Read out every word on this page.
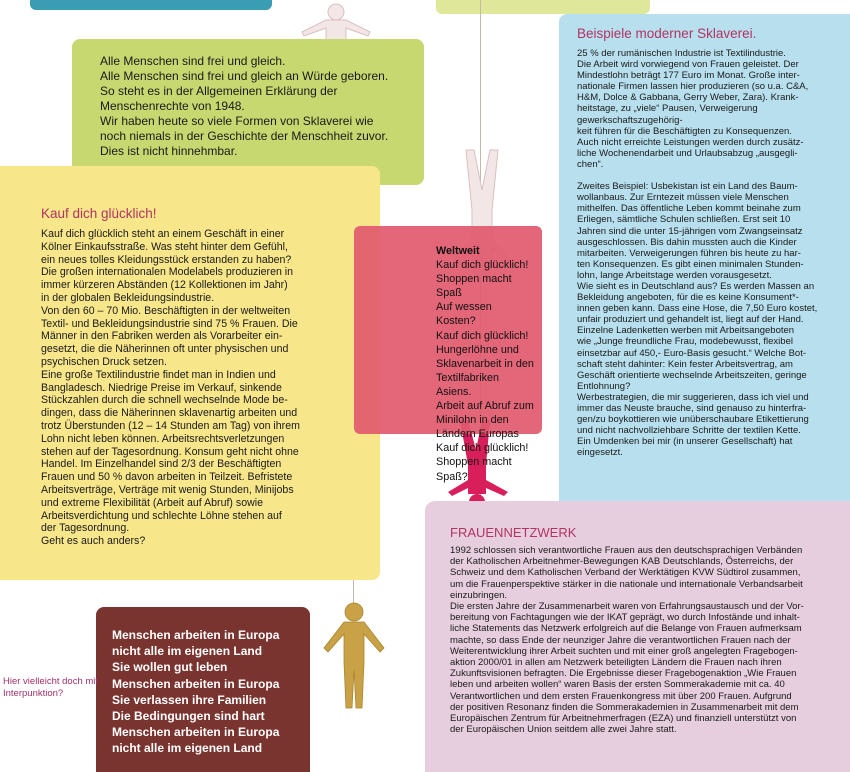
Alle Menschen sind frei und gleich.

Alle Menschen sind frei und gleich an Würde geboren.

So steht es in der Allgemeinen Erklärung der

Menschenrechte von 1948.

Wir haben heute so viele Formen von Sklaverei wie

noch niemals in der Geschichte der Menschheit zuvor.

Dies ist nicht hinnehmbar.

Kauf dich glücklich!
Kauf dich glücklich steht an einem Geschäft in einer
Kölner Einkaufsstraße. Was steht hinter dem Gefühl,
ein neues tolles Kleidungsstück erstanden zu haben?
Die großen internationalen Modelabels produzieren in
immer kürzeren Abständen (12 Kollektionen im Jahr)
in der globalen Bekleidungsindustrie.
Von den 60 – 70 Mio. Beschäftigten in der weltweiten
Textil- und Bekleidungsindustrie sind 75 % Frauen. Die
Männer in den Fabriken werden als Vorarbeiter ein-
gesetzt, die die Näherinnen oft unter physischen und
psychischen Druck setzen.
Eine große Textilindustrie findet man in Indien und
Bangladesch. Niedrige Preise im Verkauf, sinkende
Stückzahlen durch die schnell wechselnde Mode be-
dingen, dass die Näherinnen sklavenartig arbeiten und
trotz Überstunden (12 – 14 Stunden am Tag) von ihrem
Lohn nicht leben können. Arbeitsrechtsverletzungen
stehen auf der Tagesordnung. Konsum geht nicht ohne
Handel. Im Einzelhandel sind 2/3 der Beschäftigten
Frauen und 50 % davon arbeiten in Teilzeit. Befristete
Arbeitsverträge, Verträge mit wenig Stunden, Minijobs
und extreme Flexibilität (Arbeit auf Abruf) sowie
Arbeitsverdichtung und schlechte Löhne stehen auf
der Tagesordnung.
Geht es auch anders?
Beispiele moderner Sklaverei.
25 % der rumänischen Industrie ist Textilindustrie.
Die Arbeit wird vorwiegend von Frauen geleistet. Der
Mindestlohn beträgt 177 Euro im Monat. Große inter-
nationale Firmen lassen hier produzieren (so u.a. C&A,
H&M, Dolce & Gabbana, Gerry Weber, Zara). Krank-
heitstage, zu „viele“ Pausen, Verweigerung gewerkschaftszugehörig-
keit führen für die Beschäftigten zu Konsequenzen.
Auch nicht erreichte Leistungen werden durch zusätz-
liche Wochenendarbeit und Urlaubsabzug „ausgegli-
chen“.

Zweites Beispiel: Usbekistan ist ein Land des Baum-
wollanbaus. Zur Erntezeit müssen viele Menschen
mithelfen. Das öffentliche Leben kommt beinahe zum
Erliegen, sämtliche Schulen schließen. Erst seit 10
Jahren sind die unter 15-jährigen vom Zwangseinsatz
ausgeschlossen. Bis dahin mussten auch die Kinder
mitarbeiten. Verweigerungen führen bis heute zu har-
ten Konsequenzen. Es gibt einen minimalen Stunden-
lohn, lange Arbeitstage werden vorausgesetzt.
Wie sieht es in Deutschland aus? Es werden Massen an
Bekleidung angeboten, für die es keine Konsument*-
innen geben kann. Dass eine Hose, die 7,50 Euro kostet,
unfair produziert und gehandelt ist, liegt auf der Hand.
Einzelne Ladenketten werben mit Arbeitsangeboten
wie „Junge freundliche Frau, modebewusst, flexibel
einsetzbar auf 450,- Euro-Basis gesucht.“ Welche Bot-
schaft steht dahinter: Kein fester Arbeitsvertrag, am
Geschäft orientierte wechselnde Arbeitszeiten, geringe
Entlohnung?
Werbestrategien, die mir suggerieren, dass ich viel und
immer das Neuste brauche, sind genauso zu hinterfra-
gen/zu boykottieren wie unüberschaubare Etikettierung
und nicht nachvollziehbare Schritte der textilen Kette.
Ein Umdenken bei mir (in unserer Gesellschaft) hat
eingesetzt.
Weltweit
Kauf dich glücklich!
Shoppen macht Spaß
Auf wessen Kosten?
Kauf dich glücklich!
Hungerlöhne und
Sklavenarbeit in den
Textilfabriken Asiens.
Arbeit auf Abruf zum
Minilohn in den
Ländern Europas
Kauf dich glücklich!
Shoppen macht Spaß?
FRAUENNETZWERK
1992 schlossen sich verantwortliche Frauen aus den deutschsprachigen Verbänden
der Katholischen Arbeitnehmer-Bewegungen KAB Deutschlands, Österreichs, der
Schweiz und dem Katholischen Verband der Werktätigen KVW Südtirol zusammen,
um die Frauenperspektive stärker in die nationale und internationale Verbandsarbeit
einzubringen.
Die ersten Jahre der Zusammenarbeit waren von Erfahrungsaustausch und der Vor-
bereitung von Fachtagungen wie der IKAT geprägt, wo durch Infostände und inhalt-
liche Statements das Netzwerk erfolgreich auf die Belange von Frauen aufmerksam
machte, so dass Ende der neunziger Jahre die verantwortlichen Frauen nach der
Weiterentwicklung ihrer Arbeit suchten und mit einer groß angelegten Fragebogen-
aktion 2000/01 in allen am Netzwerk beteiligten Ländern die Frauen nach ihren
Zukunftsvisionen befragten. Die Ergebnisse dieser Fragebogenaktion „Wie Frauen
leben und arbeiten wollen“ waren Basis der ersten Sommerakademie mit ca. 40
Verantwortlichen und dem ersten Frauenkongress mit über 200 Frauen. Aufgrund
der positiven Resonanz finden die Sommerakademien in Zusammenarbeit mit dem
Europäischen Zentrum für Arbeitnehmerfragen (EZA) und finanziell unterstützt von
der Europäischen Union seitdem alle zwei Jahre statt.
Menschen arbeiten in Europa
nicht alle im eigenen Land
Sie wollen gut leben
Menschen arbeiten in Europa
Sie verlassen ihre Familien
Die Bedingungen sind hart
Menschen arbeiten in Europa
nicht alle im eigenen Land
Hier vielleicht doch mit Interpunktion?
